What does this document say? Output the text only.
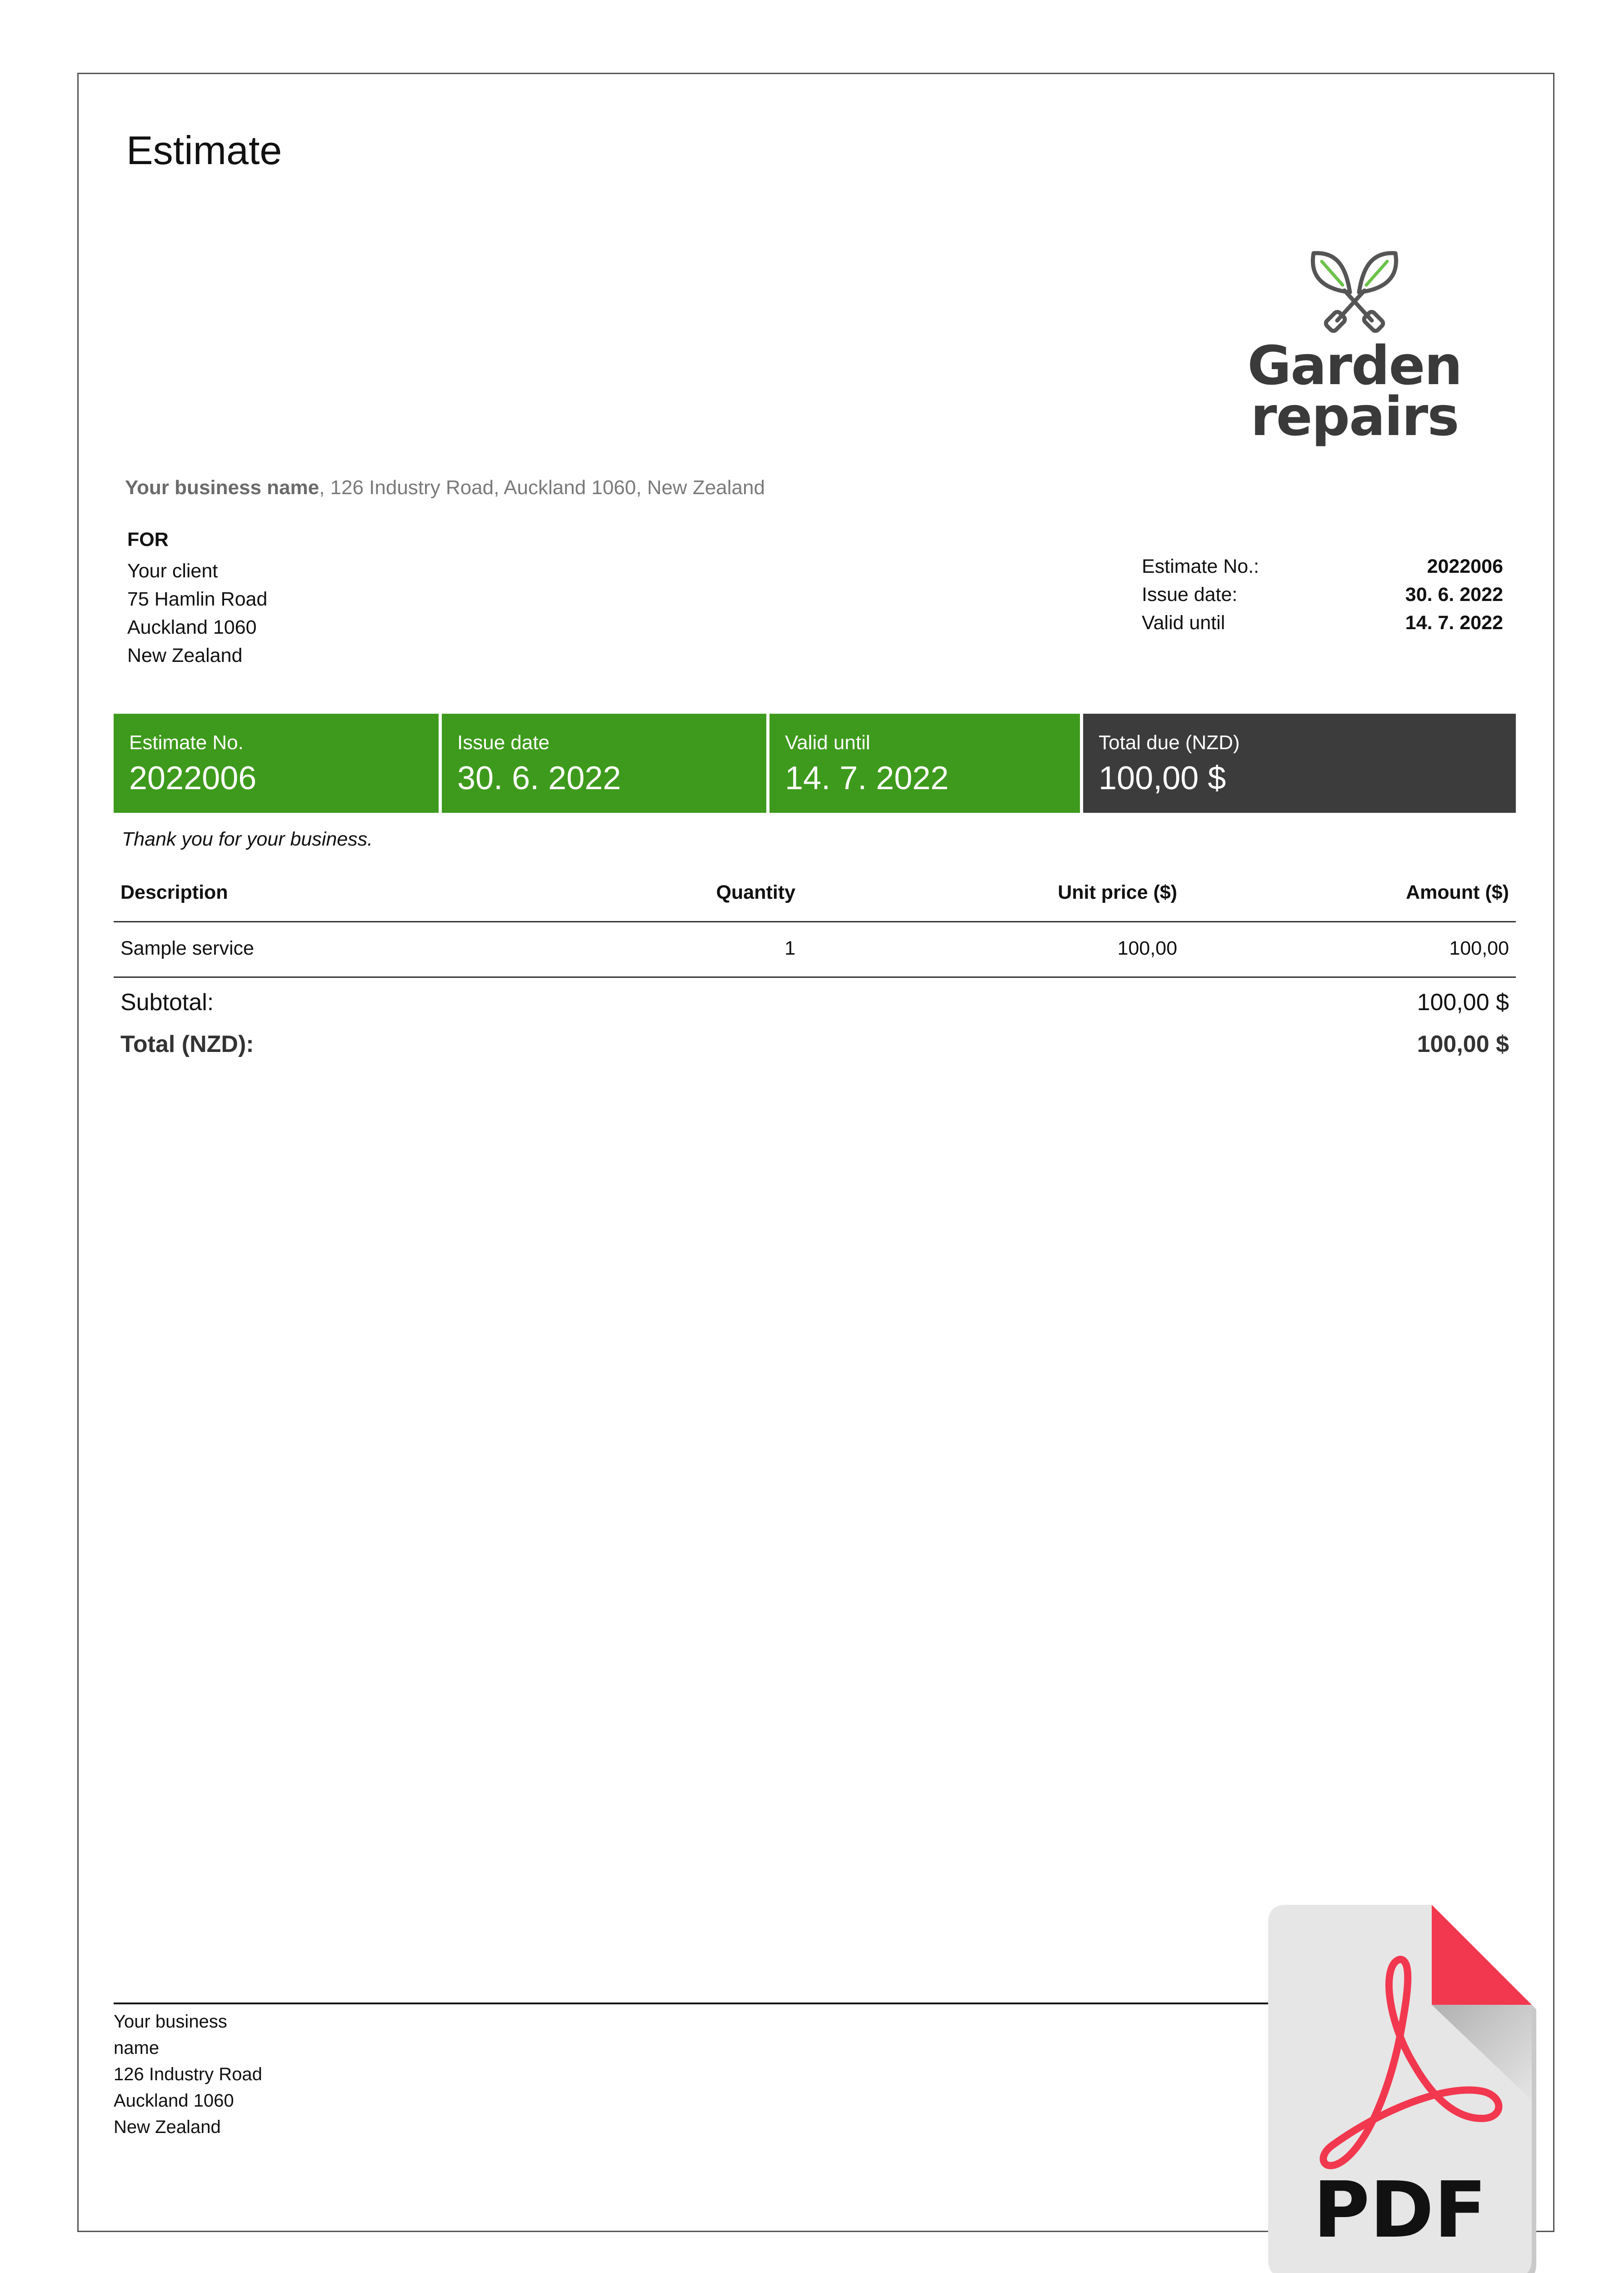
Estimate
Garden
repairs
Your business name, 126 Industry Road, Auckland 1060, New Zealand
FOR
Your client
75 Hamlin Road
Auckland 1060
New Zealand
Estimate No.:	2022006
Issue date:	30. 6. 2022
Valid until	14. 7. 2022
Estimate No.
2022006
Issue date
30. 6. 2022
Valid until
14. 7. 2022
Total due (NZD)
100,00 $
Thank you for your business.
Description	Quantity	Unit price ($)	Amount ($)
Sample service	1	100,00	100,00
Subtotal:	100,00 $
Total (NZD):	100,00 $
Your business
name
126 Industry Road
Auckland 1060
New Zealand
PDF
